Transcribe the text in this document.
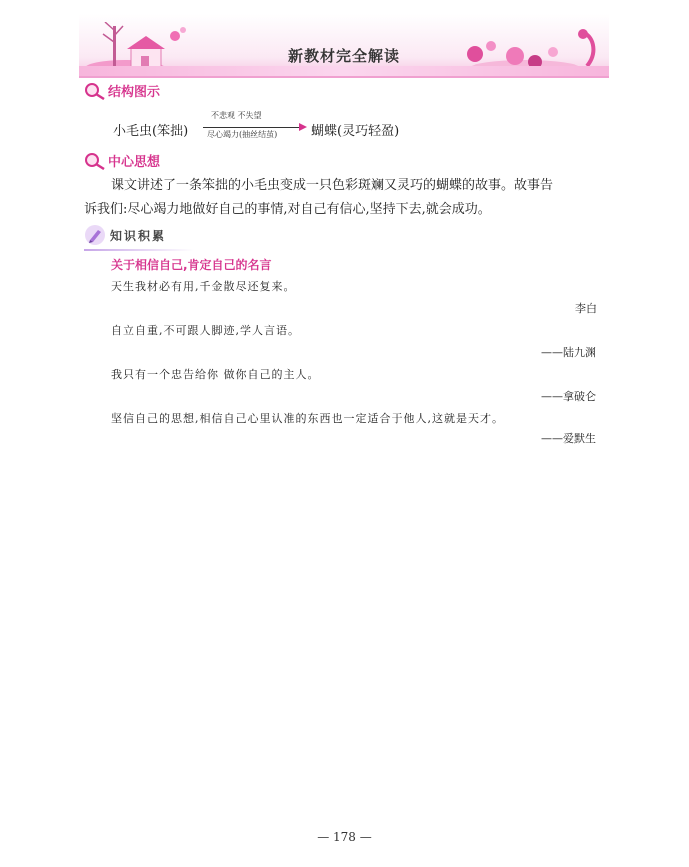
新教材完全解读
结构图示
小毛虫(笨拙)
不悲观 不失望
尽心竭力(抽丝结茧)	蝴蝶(灵巧轻盈)
中心思想
课文讲述了一条笨拙的小毛虫变成一只色彩斑斓又灵巧的蝴蝶的故事。故事告
诉我们:尽心竭力地做好自己的事情,对自己有信心,坚持下去,就会成功。
知识积累
关于相信自己,肯定自己的名言
天生我材必有用,千金散尽还复来。
李白
自立自重,不可跟人脚迹,学人言语。
——陆九渊
我只有一个忠告给你 做你自己的主人。
——拿破仑
坚信自己的思想,相信自己心里认准的东西也一定适合于他人,这就是天才。
——爱默生
— 178 —
